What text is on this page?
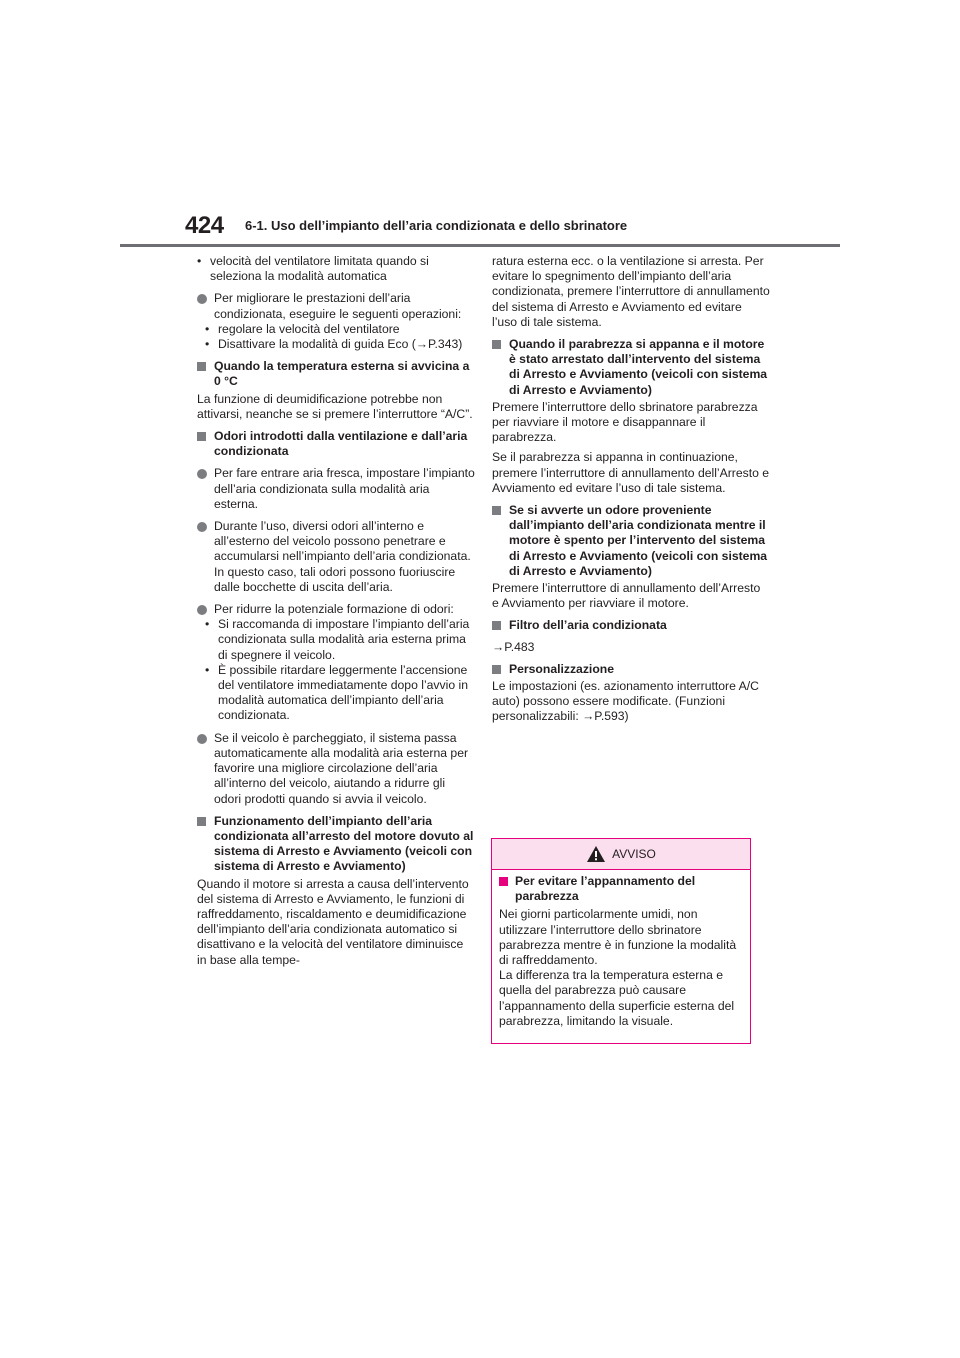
424 6-1. Uso dell’impianto dell’aria condizionata e dello sbrinatore
• velocità del ventilatore limitata quando si seleziona la modalità automatica
Per migliorare le prestazioni dell’aria condizionata, eseguire le seguenti operazioni:
• regolare la velocità del ventilatore
• Disattivare la modalità di guida Eco (→P.343)
Quando la temperatura esterna si avvicina a 0 °C

La funzione di deumidificazione potrebbe non attivarsi, neanche se si premere l’interruttore “A/C”.

Odori introdotti dalla ventilazione e dall’aria condizionata
Per fare entrare aria fresca, impostare l’impianto dell’aria condizionata sulla modalità aria esterna.
Durante l’uso, diversi odori all’interno e all’esterno del veicolo possono penetrare e accumularsi nell’impianto dell’aria condizionata. In questo caso, tali odori possono fuoriuscire dalle bocchette di uscita dell’aria.
Per ridurre la potenziale formazione di odori:
• Si raccomanda di impostare l’impianto dell’aria condizionata sulla modalità aria esterna prima di spegnere il veicolo.
• È possibile ritardare leggermente l’accensione del ventilatore immediatamente dopo l’avvio in modalità automatica dell’impianto dell’aria condizionata.
Se il veicolo è parcheggiato, il sistema passa automaticamente alla modalità aria esterna per favorire una migliore circolazione dell’aria all’interno del veicolo, aiutando a ridurre gli odori prodotti quando si avvia il veicolo.
Funzionamento dell’impianto dell’aria condizionata all’arresto del motore dovuto al sistema di Arresto e Avviamento (veicoli con sistema di Arresto e Avviamento)

Quando il motore si arresta a causa dell’intervento del sistema di Arresto e Avviamento, le funzioni di raffreddamento, riscaldamento e deumidificazione dell’impianto dell’aria condizionata automatico si disattivano e la velocità del ventilatore diminuisce in base alla tempe-

ratura esterna ecc. o la ventilazione si arresta. Per evitare lo spegnimento dell’impianto dell’aria condizionata, premere l’interruttore di annullamento del sistema di Arresto e Avviamento ed evitare l’uso di tale sistema.

Quando il parabrezza si appanna e il motore è stato arrestato dall’intervento del sistema di Arresto e Avviamento (veicoli con sistema di Arresto e Avviamento)

Premere l’interruttore dello sbrinatore parabrezza per riavviare il motore e disappannare il parabrezza.

Se il parabrezza si appanna in continuazione, premere l’interruttore di annullamento dell’Arresto e Avviamento ed evitare l’uso di tale sistema.

Se si avverte un odore proveniente dall’impianto dell’aria condizionata mentre il motore è spento per l’intervento del sistema di Arresto e Avviamento (veicoli con sistema di Arresto e Avviamento)

Premere l’interruttore di annullamento dell’Arresto e Avviamento per riavviare il motore.

Filtro dell’aria condizionata

→P.483

Personalizzazione

Le impostazioni (es. azionamento interruttore A/C auto) possono essere modificate. (Funzioni personalizzabili: →P.593)

AVVISO
Per evitare l’appannamento del parabrezza

Nei giorni particolarmente umidi, non utilizzare l’interruttore dello sbrinatore parabrezza mentre è in funzione la modalità di raffreddamento.

La differenza tra la temperatura esterna e quella del parabrezza può causare l’appannamento della superficie esterna del parabrezza, limitando la visuale.
